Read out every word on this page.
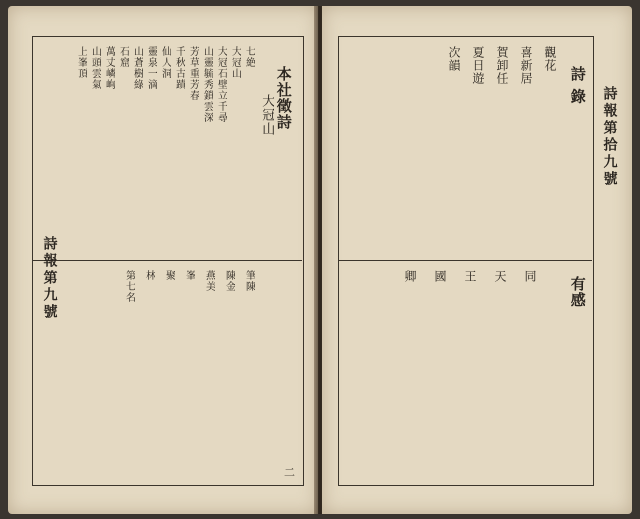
詩報第九號
本社徵詩
大冠山
七絶
大冠山
大冠石壁立千尋
山靈毓秀鎖雲深
芳草重芳春
千秋古蹟
仙人洞
靈泉一滴
山蒼樹綠
石窟
萬丈嶙峋
山頭雲氣
上峯頂
筆陳
陳金
燕美
峯
聚
林
第七名
二
詩報第拾九號
詩 錄
有感
觀花
喜新居
賀卸任
夏日遊
次韻
同
天
王
國
卿
